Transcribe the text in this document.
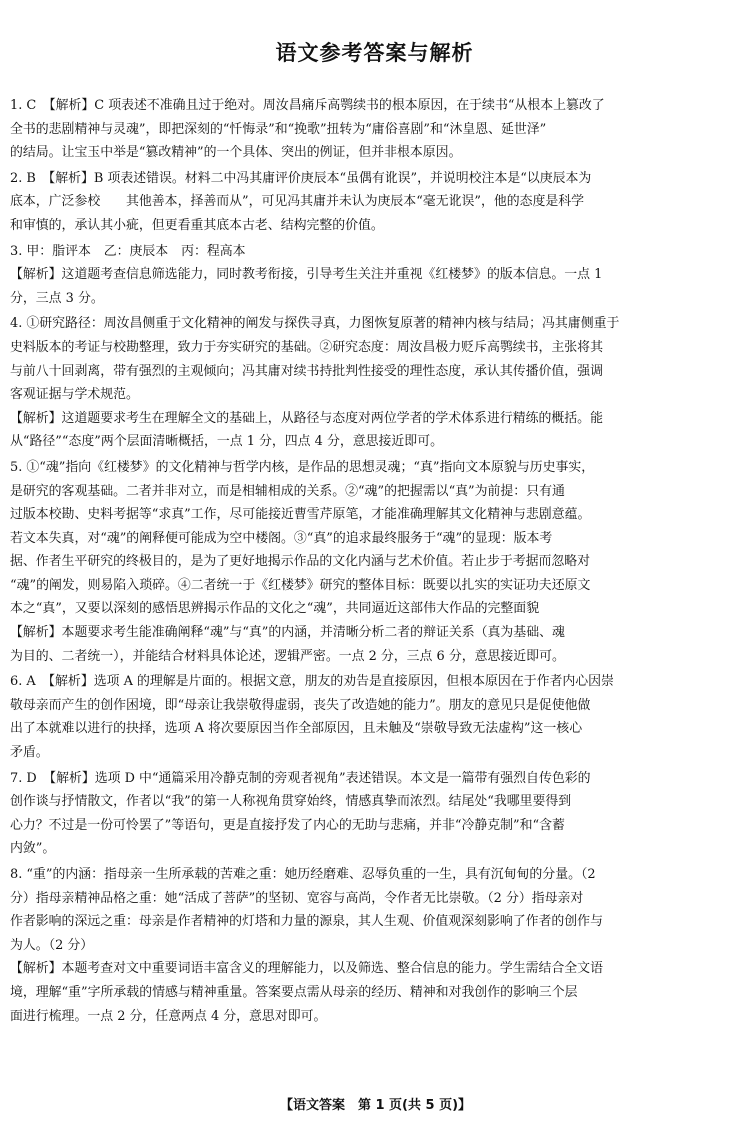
语文参考答案与解析
1. C　【解析】C 项表述不准确且过于绝对。周汝昌痛斥高鹗续书的根本原因，在于续书“从根本上篡改了
全书的悲剧精神与灵魂”，即把深刻的“忏悔录”和“挽歌”扭转为“庸俗喜剧”和“沐皇恩、延世泽”
的结局。让宝玉中举是“篡改精神”的一个具体、突出的例证，但并非根本原因。
2. B　【解析】B 项表述错误。材料二中冯其庸评价庚辰本“虽偶有讹误”，并说明校注本是“以庚辰本为
底本，广泛参校　　其他善本，择善而从”，可见冯其庸并未认为庚辰本“毫无讹误”，他的态度是科学
和审慎的，承认其小疵，但更看重其底本古老、结构完整的价值。
3. 甲：脂评本　乙：庚辰本　丙：程高本
【解析】这道题考查信息筛选能力，同时教考衔接，引导考生关注并重视《红楼梦》的版本信息。一点 1
分，三点 3 分。
4. ①研究路径：周汝昌侧重于文化精神的阐发与探佚寻真，力图恢复原著的精神内核与结局；冯其庸侧重于
史料版本的考证与校勘整理，致力于夯实研究的基础。②研究态度：周汝昌极力贬斥高鹗续书，主张将其
与前八十回剥离，带有强烈的主观倾向；冯其庸对续书持批判性接受的理性态度，承认其传播价值，强调
客观证据与学术规范。
【解析】这道题要求考生在理解全文的基础上，从路径与态度对两位学者的学术体系进行精练的概括。能
从“路径”“态度”两个层面清晰概括，一点 1 分，四点 4 分，意思接近即可。
5. ①“魂”指向《红楼梦》的文化精神与哲学内核，是作品的思想灵魂；“真”指向文本原貌与历史事实，
是研究的客观基础。二者并非对立，而是相辅相成的关系。②“魂”的把握需以“真”为前提：只有通
过版本校勘、史料考据等“求真”工作，尽可能接近曹雪芹原笔，才能准确理解其文化精神与悲剧意蕴。
若文本失真，对“魂”的阐释便可能成为空中楼阁。③“真”的追求最终服务于“魂”的显现：版本考
据、作者生平研究的终极目的，是为了更好地揭示作品的文化内涵与艺术价值。若止步于考据而忽略对
“魂”的阐发，则易陷入琐碎。④二者统一于《红楼梦》研究的整体目标：既要以扎实的实证功夫还原文
本之“真”，又要以深刻的感悟思辨揭示作品的文化之“魂”，共同逼近这部伟大作品的完整面貌
【解析】本题要求考生能准确阐释“魂”与“真”的内涵，并清晰分析二者的辩证关系（真为基础、魂
为目的、二者统一），并能结合材料具体论述，逻辑严密。一点 2 分，三点 6 分，意思接近即可。
6. A　【解析】选项 A 的理解是片面的。根据文意，朋友的劝告是直接原因，但根本原因在于作者内心因崇
敬母亲而产生的创作困境，即“母亲让我崇敬得虚弱，丧失了改造她的能力”。朋友的意见只是促使他做
出了本就难以进行的抉择，选项 A 将次要原因当作全部原因，且未触及“崇敬导致无法虚构”这一核心
矛盾。
7. D　【解析】选项 D 中“通篇采用冷静克制的旁观者视角”表述错误。本文是一篇带有强烈自传色彩的
创作谈与抒情散文，作者以“我”的第一人称视角贯穿始终，情感真挚而浓烈。结尾处“我哪里要得到
心力？不过是一份可怜罢了”等语句，更是直接抒发了内心的无助与悲痛，并非“冷静克制”和“含蓄
内敛”。
8. “重”的内涵：指母亲一生所承载的苦难之重：她历经磨难、忍辱负重的一生，具有沉甸甸的分量。（2
分）指母亲精神品格之重：她“活成了菩萨”的坚韧、宽容与高尚，令作者无比崇敬。（2 分）指母亲对
作者影响的深远之重：母亲是作者精神的灯塔和力量的源泉，其人生观、价值观深刻影响了作者的创作与
为人。（2 分）
【解析】本题考查对文中重要词语丰富含义的理解能力，以及筛选、整合信息的能力。学生需结合全文语
境，理解“重”字所承载的情感与精神重量。答案要点需从母亲的经历、精神和对我创作的影响三个层
面进行梳理。一点 2 分，任意两点 4 分，意思对即可。
【语文答案　第 1 页(共 5 页)】
